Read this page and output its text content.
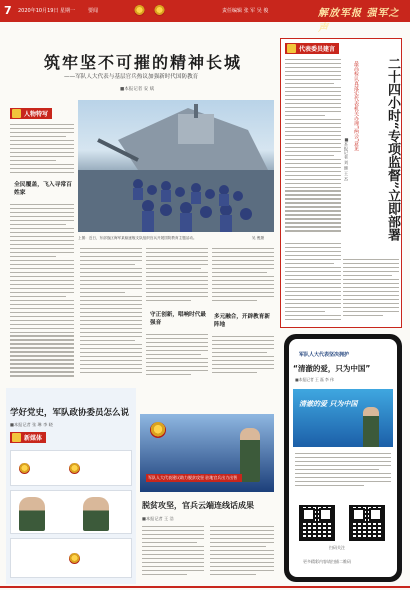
7 2020年10月19日 星期一	要闻	责任编辑 张 军 吴 俊	解放军报 强军之声
筑牢坚不可摧的精神长城
——军队人大代表与基层官兵热议加强新时代国防教育
■本报记者 安 斌
人物特写
全民覆盖，飞入寻常百姓家
上图：近日，东部战区海军某驱逐舰支队组织官兵开展国防教育主题活动。	吴 俊摄
守正创新，唱响时代最强音
多元融合，开辟教育新阵地
代表委员建言
二十四小时“专项监督”立即部署
最高检认真落实代表机关办理“两会”意见
■本报记者 刘 健 王 杰
学好党史，军队政协委员怎么说
■本报记者 张 琳 李 晓
新媒体
军队人大代表建议助力脱贫攻坚 驻地官兵出力出智
脱贫攻坚，官兵云端连线话成果
■本报记者 王 浩
军队人大代表坚决拥护
“清澈的爱，只为中国”
■本报记者 王 磊 李 伟
清澈的爱 只为中国
扫码关注
更多精彩内容请扫描二维码
